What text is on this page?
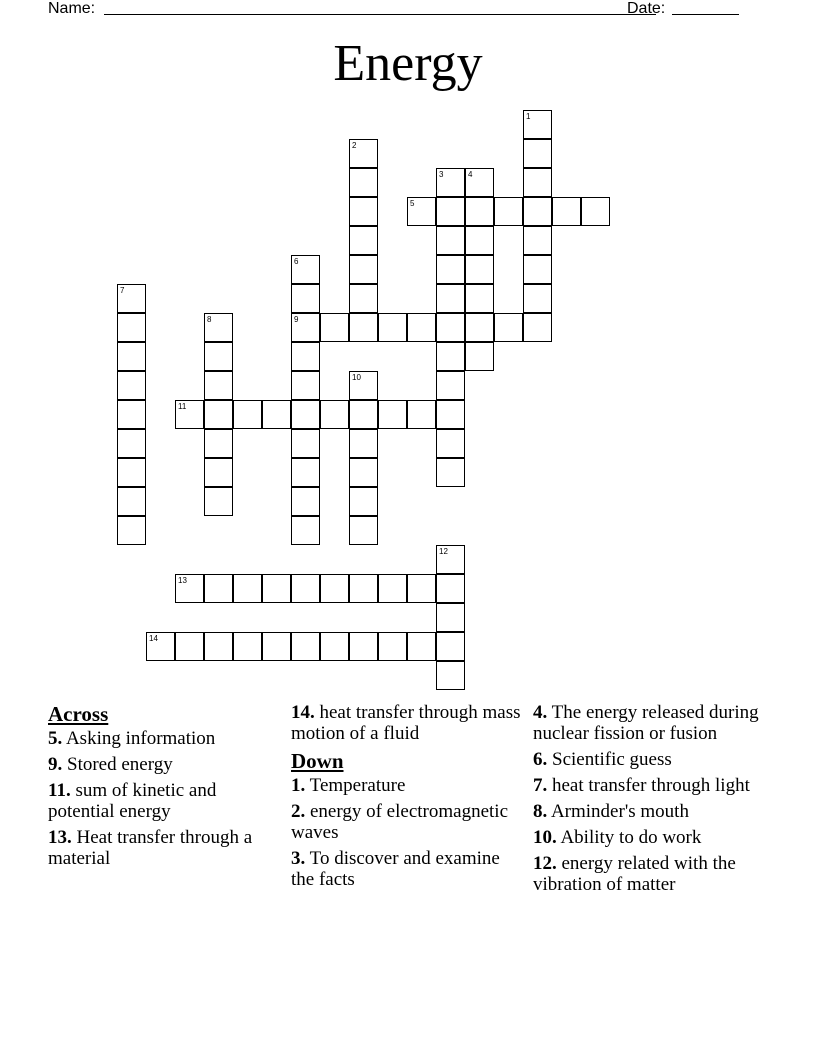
Name:	Date:
Energy
1
2
3	4
5
6
7
8	9
10
11
12
13
14
Across
5. Asking information
9. Stored energy
11. sum of kinetic and potential energy
13. Heat transfer through a material
14. heat transfer through mass motion of a fluid
Down
1. Temperature
2. energy of electromagnetic waves
3. To discover and examine the facts
4. The energy released during nuclear fission or fusion
6. Scientific guess
7. heat transfer through light
8. Arminder's mouth
10. Ability to do work
12. energy related with the vibration of matter
